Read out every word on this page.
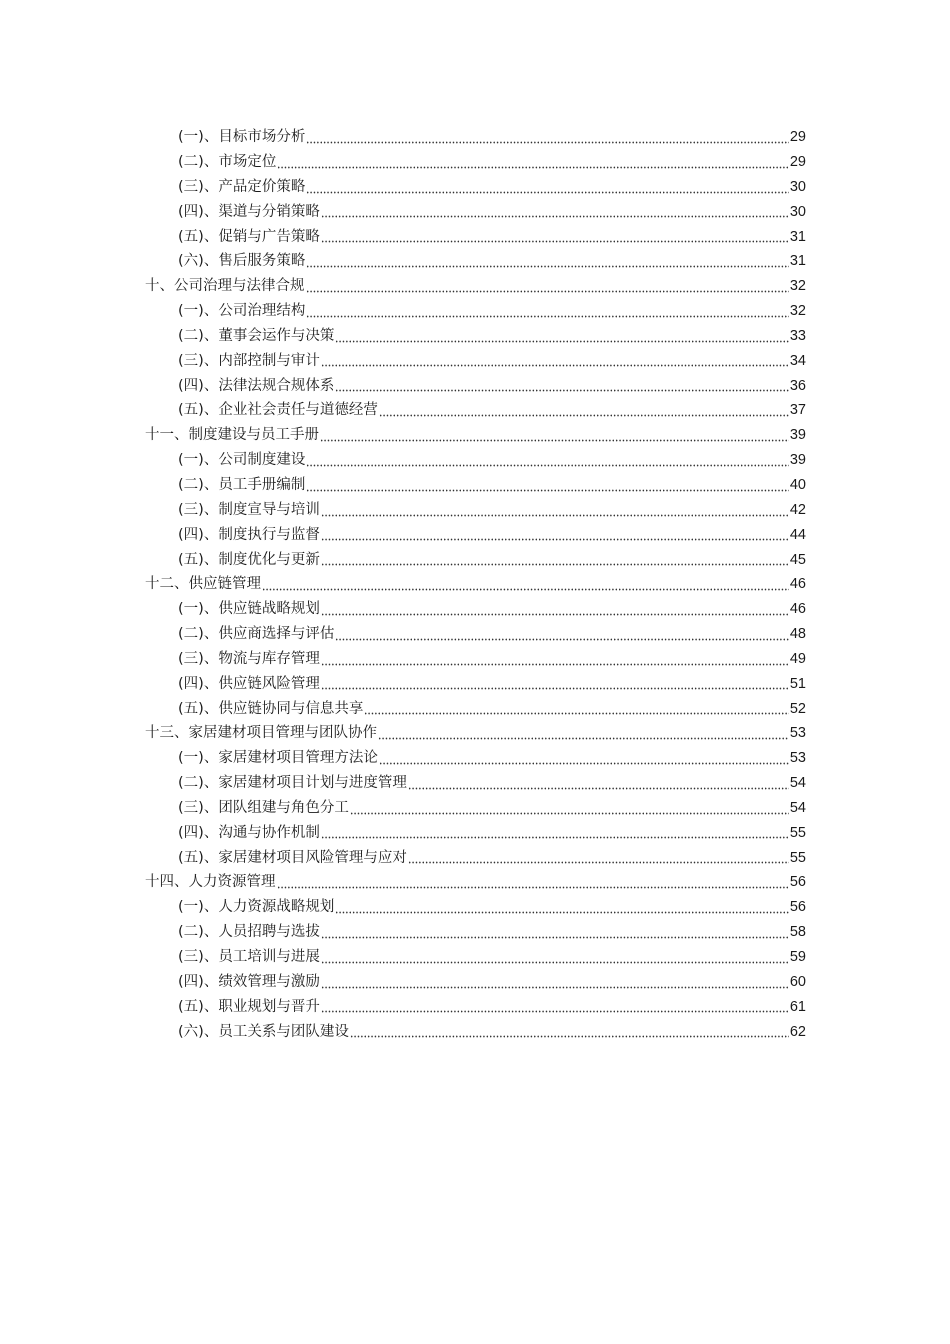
(一)、目标市场分析	29
(二)、市场定位	29
(三)、产品定价策略	30
(四)、渠道与分销策略	30
(五)、促销与广告策略	31
(六)、售后服务策略	31
十、公司治理与法律合规	32
(一)、公司治理结构	32
(二)、董事会运作与决策	33
(三)、内部控制与审计	34
(四)、法律法规合规体系	36
(五)、企业社会责任与道德经营	37
十一、制度建设与员工手册	39
(一)、公司制度建设	39
(二)、员工手册编制	40
(三)、制度宣导与培训	42
(四)、制度执行与监督	44
(五)、制度优化与更新	45
十二、供应链管理	46
(一)、供应链战略规划	46
(二)、供应商选择与评估	48
(三)、物流与库存管理	49
(四)、供应链风险管理	51
(五)、供应链协同与信息共享	52
十三、家居建材项目管理与团队协作	53
(一)、家居建材项目管理方法论	53
(二)、家居建材项目计划与进度管理	54
(三)、团队组建与角色分工	54
(四)、沟通与协作机制	55
(五)、家居建材项目风险管理与应对	55
十四、人力资源管理	56
(一)、人力资源战略规划	56
(二)、人员招聘与选拔	58
(三)、员工培训与进展	59
(四)、绩效管理与激励	60
(五)、职业规划与晋升	61
(六)、员工关系与团队建设	62
